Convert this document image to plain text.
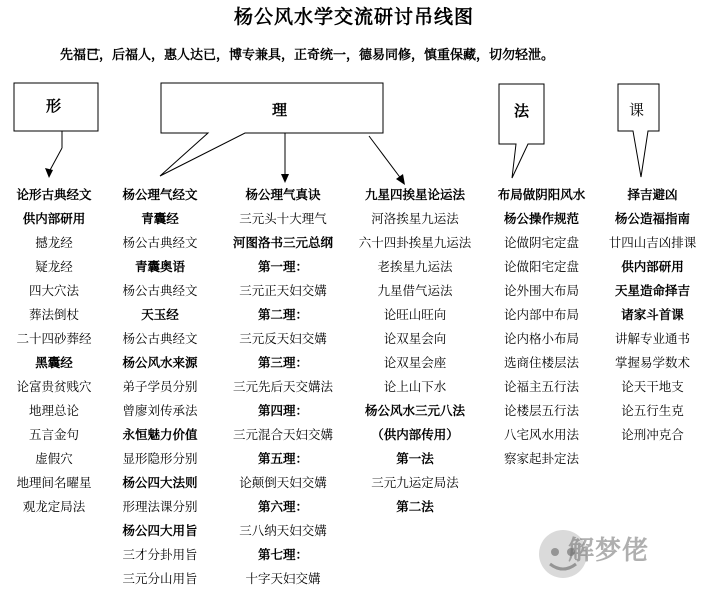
杨公风水学交流研讨吊线图
先福已，后福人，惠人达已，博专兼具，正奇统一，德易同修，慎重保藏，切勿轻泄。
形	理	法	课
论形古典经文
供内部研用
撼龙经
疑龙经
四大穴法
葬法倒杖
二十四砂葬经
黑囊经
论富贵贫贱穴
地理总论
五言金句
虚假穴
地理间名曜星
观龙定局法
杨公理气经文
青囊经
杨公古典经文
青囊奥语
杨公古典经文
天玉经
杨公古典经文
杨公风水来源
弟子学员分别
曾廖刘传承法
永恒魅力价值
显形隐形分别
杨公四大法则
形理法课分别
杨公四大用旨
三才分卦用旨
三元分山用旨
杨公理气真诀
三元头十大理气
河图洛书三元总纲
第一理：
三元正天妇交媾
第二理：
三元反天妇交媾
第三理：
三元先后天交媾法
第四理：
三元混合天妇交媾
第五理：
论颠倒天妇交媾
第六理：
三八纳天妇交媾
第七理：
十字天妇交媾
九星四挨星论运法
河洛挨星九运法
六十四卦挨星九运法
老挨星九运法
九星借气运法
论旺山旺向
论双星会向
论双星会座
论上山下水
杨公风水三元八法
（供内部传用）
第一法
三元九运定局法
第二法
布局做阴阳风水
杨公操作规范
论做阴宅定盘
论做阳宅定盘
论外围大布局
论内部中布局
论内格小布局
选商住楼层法
论福主五行法
论楼层五行法
八宅风水用法
察家起卦定法
择吉避凶
杨公造福指南
廿四山吉凶排课
供内部研用
天星造命择吉
诸家斗首课
讲解专业通书
掌握易学数术
论天干地支
论五行生克
论刑冲克合
解梦佬
